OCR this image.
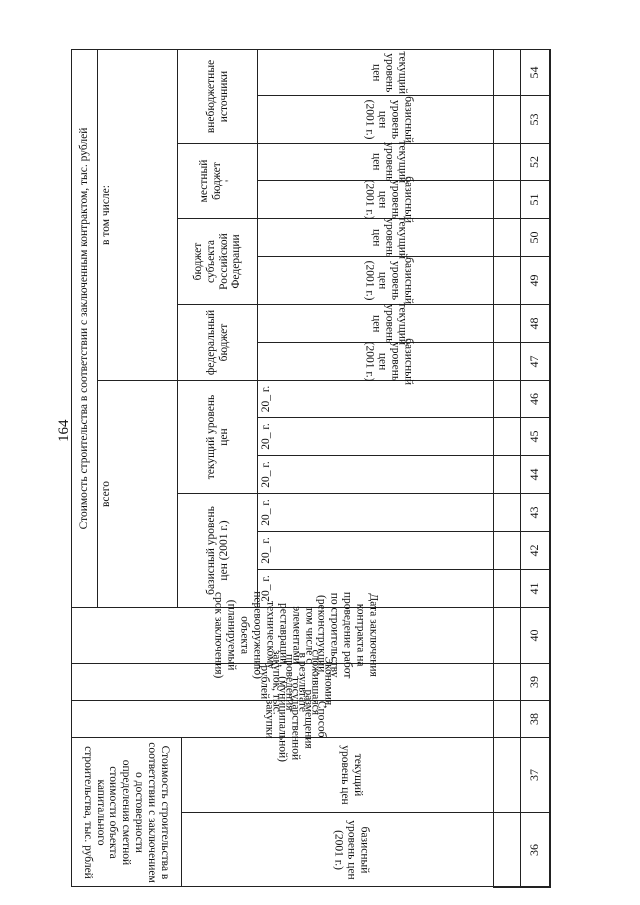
164
Стоимость строительства в соответствии с заключением о достоверности определения сметной стоимости объекта капитального строительства, тыс. рублей	базисный уровень цен (2001 г.)
текущий уровень цен
Способ размещения государственной (муниципальной) закупки
Экономия, сложившаяся в результате проведения закупок, тыс. рублей
Дата заключения контракта на проведение работ по строительству (реконструкции, том числе с элементами реставрации, техническому перевооружению) объекта (планируемый срок заключения)
Стоимость строительства в соответствии с заключенным контрактом, тыс. рублей всего
в том числе:
базисный уровень цен (2001 г.)
текущий уровень цен
20_ г.
20_ г.
20_ г.
20_ г.
20_ г.
20_ г.
федеральный бюджет
бюджет субъекта Российской Федерации
местный бюджет '
внебюджетные источники
базисный уровень цен (2001 г.)
текущий уровень цен
базисный уровень цен (2001 г.)
текущий уровень цен
базисный уровень цен (2001 г.)
текущий уровень цен
базисный уровень цен (2001 г.)
текущий уровень цен
36
37
38
39
40
41
42
43
44
45
46
47
48
49
50
51
52
53
54
